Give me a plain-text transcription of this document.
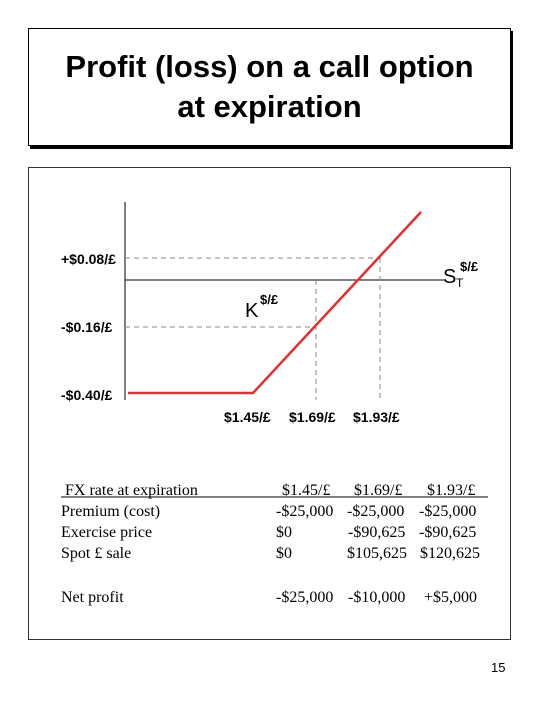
Profit (loss) on a call option at expiration
+$0.08/£
-$0.16/£
-$0.40/£
$1.45/£ $1.69/£ $1.93/£
K
$/£
S T
$/£
FX rate at expiration	$1.45/£ $1.69/£ $1.93/£
Premium (cost)	-$25,000 -$25,000 -$25,000
Exercise price	$0	-$90,625 -$90,625
Spot £ sale	$0	$105,625 $120,625
Net profit	-$25,000 -$10,000 +$5,000
15
